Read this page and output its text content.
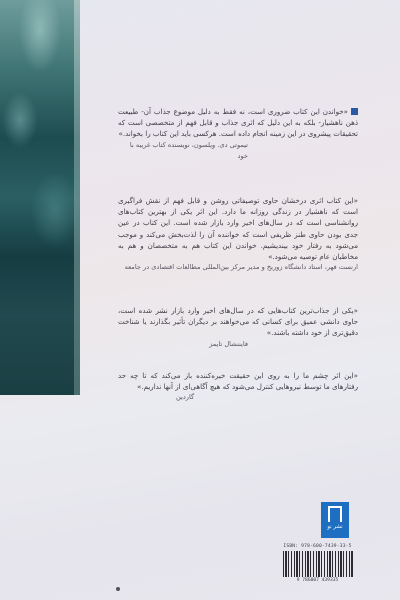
«خواندن این کتاب ضروری است، نه فقط به دلیل موضوع جذاب آن- طبیعت ذهن ناهشیار- بلکه به این دلیل که اثری جذاب و قابل فهم از متخصصی است که تحقیقات پیشروی در این زمینه انجام داده است. هرکسی باید این کتاب را بخواند.»

تیموتی دی. ویلسون، نویسنده کتاب غریبه با خود

«این کتاب اثری درخشان حاوی توصیفاتی روشن و قابل فهم از نقش فراگیری است که ناهشیار در زندگی روزانه ما دارد. این اثر یکی از بهترین کتاب‌های روانشناسی است که در سال‌های اخیر وارد بازار شده است. این کتاب در عین جدی بودن حاوی طنز ظریفی است که خواننده آن را لذت‌بخش می‌کند و موجب می‌شود به رفتار خود بیندیشیم. خواندن این کتاب هم به متخصصان و هم به مخاطبان عام توصیه می‌شود.»

ارنست فهر، استاد دانشگاه زوریخ و مدیر مرکز بین‌المللی مطالعات اقتصادی در جامعه

«یکی از جذاب‌ترین کتاب‌هایی که در سال‌های اخیر وارد بازار نشر شده است، حاوی دانشی عمیق برای کسانی که می‌خواهند بر دیگران تأثیر بگذارند یا شناخت دقیق‌تری از خود داشته باشند.»

فایننشال تایمز

«این اثر چشم ما را به روی این حقیقت خیره‌کننده باز می‌کند که تا چه حد رفتارهای ما توسط نیروهایی کنترل می‌شود که هیچ آگاهی‌ای از آنها نداریم.»

گاردین

نشر نو
ISBN: 978-600-7439-33-5
9 786007 439335
